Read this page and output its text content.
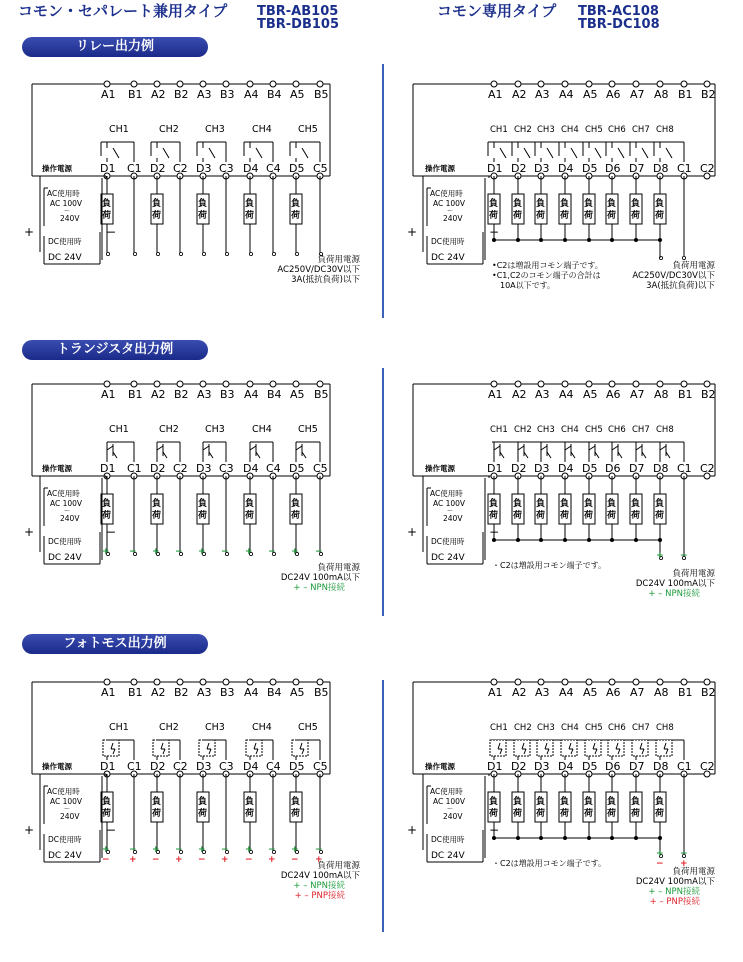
コモン・セパレート兼用タイプ TBR-AB105
TBR-DB105
コモン専用タイプ TBR-AC108
TBR-DC108
リレー出力例
トランジスタ出力例
フォトモス出力例
A1
D1
B1
C1
A2
D2
B2
C2
A3
D3
B3
C3
A4
D4
B4
C4
A5
D5
B5
C5
CH1
負
荷
CH2
負
荷
CH3
負
荷
CH4
負
荷
CH5
負
荷
操作電源
AC使用時
AC 100V
〜
240V
+	−
DC使用時
DC 24V	負荷用電源
AC250V/DC30V以下
3A(抵抗負荷)以下
A1
D1
A2
D2
A3
D3
A4
D4
A5
D5
A6
D6
A7
D7
A8
D8
B1
C1
B2
C2
CH1
負
荷
CH2
負
荷
CH3
負
荷
CH4
負
荷
CH5
負
荷
CH6
負
荷
CH7
負
荷
CH8
負
荷
操作電源
AC使用時
AC 100V
〜
240V
+	−
DC使用時
DC 24V
•C2は増設用コモン端子です。
•C1,C2のコモン端子の合計は
　10A以下です。
負荷用電源
AC250V/DC30V以下
3A(抵抗負荷)以下
A1
D1
B1
C1
A2
D2
B2
C2
A3
D3
B3
C3
A4
D4
B4
C4
A5
D5
B5
C5
CH1
負
荷
+ −
CH2
負
荷
+ −
CH3
負
荷
+ −
CH4
負
荷
+ −
CH5
負
荷
+ −
操作電源
AC使用時
AC 100V
〜
240V
+	−
DC使用時
DC 24V
負荷用電源
DC24V 100mA以下
+ – NPN接続
A1
D1
A2
D2
A3
D3
A4
D4
A5
D5
A6
D6
A7
D7
A8
D8
B1
C1
B2
C2
CH1
負
荷
CH2
負
荷
CH3
負
荷
CH4
負
荷
CH5
負
荷
CH6
負
荷
CH7
負
荷
CH8
負
荷
+ −
操作電源
AC使用時
AC 100V
〜
240V
+	−
DC使用時
DC 24V
・C2は増設用コモン端子です。
負荷用電源
DC24V 100mA以下
+ – NPN接続
A1
D1
B1
C1
A2
D2
B2
C2
A3
D3
B3
C3
A4
D4
B4
C4
A5
D5
B5
C5
CH1
負
荷
+ −
− +
CH2
負
荷
+ −
− +
CH3
負
荷
+ −
− +
CH4
負
荷
+ −
− +
CH5
負
荷
+ −
− +
操作電源
AC使用時
AC 100V
〜
240V
+	−
DC使用時
DC 24V
負荷用電源
DC24V 100mA以下
+ – NPN接続
+ – PNP接続
A1
D1
A2
D2
A3
D3
A4
D4
A5
D5
A6
D6
A7
D7
A8
D8
B1
C1
B2
C2
CH1
負
荷
CH2
負
荷
CH3
負
荷
CH4
負
荷
CH5
負
荷
CH6
負
荷
CH7
負
荷
CH8
負
荷
+ −
− +
操作電源
AC使用時
AC 100V
〜
240V
+	−
DC使用時
DC 24V
・C2は増設用コモン端子です。
負荷用電源
DC24V 100mA以下
+ – NPN接続
+ – PNP接続
